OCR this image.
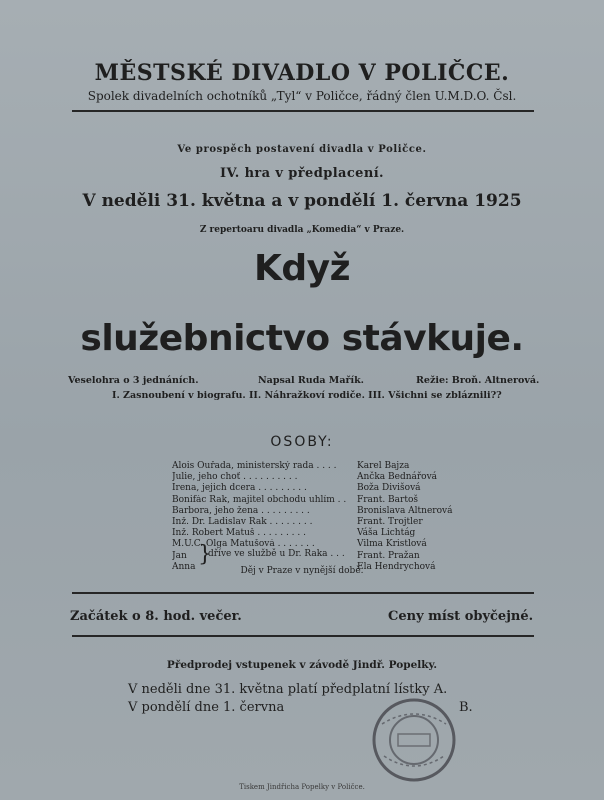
MĚSTSKÉ DIVADLO V POLIČCE.
Spolek divadelních ochotníků „Tyl“ v Poličce, řádný člen U.M.D.O. Čsl.
Ve prospěch postavení divadla v Poličce.
IV. hra v předplacení.
V neděli 31. května a v pondělí 1. června 1925
Z repertoaru divadla „Komedia“ v Praze.
Když
služebnictvo stávkuje.
Veselohra o 3 jednáních.	Napsal Ruda Mařík.	Režie: Broň. Altnerová.
I. Zasnoubení v biografu. II. Náhražkoví rodiče. III. Všichni se zbláznili??
OSOBY:
Alois Ouřada, ministerský rada . . . .	Karel Bajza
Julie, jeho choť . . . . . . . . . .	Ančka Bednářová
Irena, jejich dcera . . . . . . . . .	Boža Divišová
Bonifác Rak, majitel obchodu uhlím . .	Frant. Bartoš
Barbora, jeho žena . . . . . . . . .	Bronislava Altnerová
Inž. Dr. Ladislav Rak . . . . . . . .	Frant. Trojtler
Inž. Robert Matuš . . . . . . . . .	Váša Lichtág
M.U.C. Olga Matušová . . . . . . .	Vilma Kristlová
Jan	Frant. Pražan
Anna	Ela Hendrychová
}
dříve ve službě u Dr. Raka . . .
Děj v Praze v nynější době.
Začátek o 8. hod. večer.	Ceny míst obyčejné.
Předprodej vstupenek v závodě Jindř. Popelky.
V neděli dne 31. května platí předplatní lístky A.
V pondělí dne 1. června	B.
Tiskem Jindřicha Popelky v Poličce.
